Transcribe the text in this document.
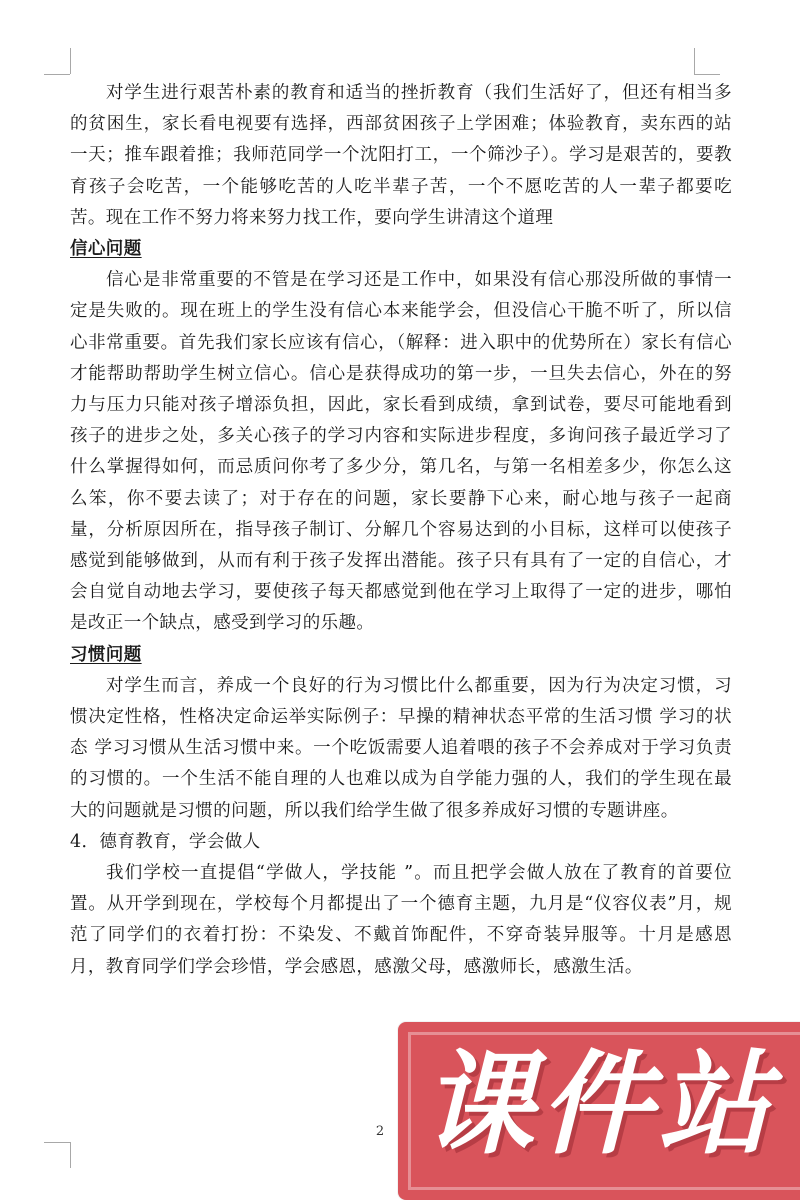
对学生进行艰苦朴素的教育和适当的挫折教育（我们生活好了，但还有相当多的贫困生，家长看电视要有选择，西部贫困孩子上学困难；体验教育，卖东西的站一天；推车跟着推；我师范同学一个沈阳打工，一个筛沙子）。学习是艰苦的，要教育孩子会吃苦，一个能够吃苦的人吃半辈子苦，一个不愿吃苦的人一辈子都要吃苦。现在工作不努力将来努力找工作，要向学生讲清这个道理

信心问题

信心是非常重要的不管是在学习还是工作中，如果没有信心那没所做的事情一定是失败的。现在班上的学生没有信心本来能学会，但没信心干脆不听了，所以信心非常重要。首先我们家长应该有信心，（解释：进入职中的优势所在）家长有信心才能帮助帮助学生树立信心。信心是获得成功的第一步，一旦失去信心，外在的努力与压力只能对孩子增添负担，因此，家长看到成绩，拿到试卷，要尽可能地看到孩子的进步之处，多关心孩子的学习内容和实际进步程度，多询问孩子最近学习了什么掌握得如何，而忌质问你考了多少分，第几名，与第一名相差多少，你怎么这么笨，你不要去读了；对于存在的问题，家长要静下心来，耐心地与孩子一起商量，分析原因所在，指导孩子制订、分解几个容易达到的小目标，这样可以使孩子感觉到能够做到，从而有利于孩子发挥出潜能。孩子只有具有了一定的自信心，才会自觉自动地去学习，要使孩子每天都感觉到他在学习上取得了一定的进步，哪怕是改正一个缺点，感受到学习的乐趣。

习惯问题

对学生而言，养成一个良好的行为习惯比什么都重要，因为行为决定习惯，习惯决定性格，性格决定命运举实际例子：早操的精神状态平常的生活习惯 学习的状态 学习习惯从生活习惯中来。一个吃饭需要人追着喂的孩子不会养成对于学习负责的习惯的。一个生活不能自理的人也难以成为自学能力强的人，我们的学生现在最大的问题就是习惯的问题，所以我们给学生做了很多养成好习惯的专题讲座。

4．德育教育，学会做人

我们学校一直提倡“学做人，学技能 ”。而且把学会做人放在了教育的首要位置。从开学到现在，学校每个月都提出了一个德育主题，九月是“仪容仪表”月，规范了同学们的衣着打扮：不染发、不戴首饰配件，不穿奇装异服等。十月是感恩月，教育同学们学会珍惜，学会感恩，感激父母，感激师长，感激生活。

2 课件站
